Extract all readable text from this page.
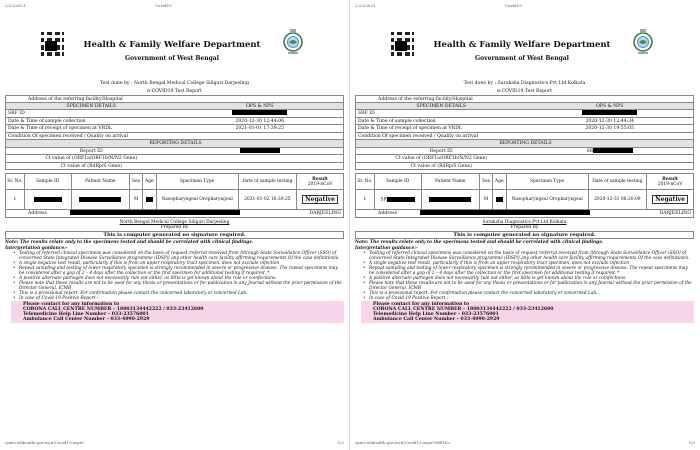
2/22/2021	Covid19
Health & Family Welfare Department
Government of West Bengal
Test done by : North Bengal Medical College Siliguri Darjeeling
n-COVID19 Test Report
Address of the referring facility/Hospital
SPECIMEN DETAILS	OPS & NPS
SRF ID
Date & Time of sample collection	2020-12-30 12:44:06
Date & Time of receipt of specimen at VRDL	2021-01-01 17:39:25
Condition Of specimen received / Quality on arrival
REPORTING DETAILS
Report ID
Ct value of (ORF1a/ORF1b/N/N2 Gene)
Ct value of (RdRp/S Gene)
Sr. No.	Sample ID	Patient Name	Sex	Age	Specimen Type	Date of sample testing	Result
2019-nCoV

1			M		Nasopharyngeal Oropharyngeal	2021-01-02 16:39:25	Negative
Address	DARJEELING
North Bengal Medical College Siliguri Darjeeling
Prepared By
This is computer generated no signature required.
Note: The results relate only to the specimens tested and should be correlated with clinical findings.
Interpretation guidance:-
• Testing of referred clinical specimens was considered on the basis of request /referral received from /through State Surveillance Officer (SSO) of concerned State Integrated Disease Surveillance programme (IDSP)/ any other health care facility affirming requirements Of the case definition/s.
• A single negative test result, particularly if this is from an upper respiratory tract specimen, does not exclude infection
• Repeat sampling and testing of lower respiratory specimen is strongly recommended in severe or progressive disease. The repeat specimens may be considered after a gap of 2 – 4 days after the collection or the first specimen for additional testing if required. *
• A positive alternate pathogen does not necessarily rule out either, as little is yet known about the role or coinfections.
• Please note that these results are not to be used for any thesis or presentations or for publication in any Journal without the prior permission of the Director General, ICMR
• This is a provisional report. For confirmation please contact the concerned laboratory or concerned Lab.
• In case of Covid-19 Positive Report :-
Please contact for any information to
CORONA CALL CENTRE NUMBER – 18003134442222 / 033-23412600
Telemedicine Help Line Number – 033-23576001
Ambulance Call Center Number – 033-4090-2929
cpms.wbhealth.gov.in/#/Covid19.aspx?	1/2
2/22/2021	Covid19
Health & Family Welfare Department
Government of West Bengal
Test done by : Suraksha Diagnostics Pvt Ltd Kolkata
n-COVID19 Test Report
Address of the referring facility/Hospital
SPECIMEN DETAILS	OPS & NPS
SRF ID
Date & Time of sample collection	2020-12-30 12:44:34
Date & Time of receipt of specimen at VRDL	2020-12-30 19:55:05
Condition Of specimen received / Quality on arrival
REPORTING DETAILS
Report ID	SR
Ct value of (ORF1a/ORF1b/N/N2 Gene)
Ct value of (RdRp/S Gene)
Sr. No.	Sample ID	Patient Name	Sex	Age	Specimen Type	Date of sample testing	Result
2019-nCoV

1	SR		M		Nasopharyngeal Oropharyngeal	2020-12-31 08:20:09	Negative
Address	DARJEELING
Suraksha Diagnostics Pvt Ltd Kolkata
Prepared By
This is computer generated no signature required.
Note: The results relate only to the specimens tested and should be correlated with clinical findings.
Interpretation guidance:-
• Testing of referred clinical specimens was considered on the basis of request /referral received from /through State Surveillance Officer (SSO) of concerned State Integrated Disease Surveillance programme (IDSP)/ any other health care facility affirming requirements Of the case definition/s.
• A single negative test result, particularly if this is from an upper respiratory tract specimen, does not exclude infection
• Repeat sampling and testing of lower respiratory specimen is strongly recommended in severe or progressive disease. The repeat specimens may be considered after a gap of 2 – 4 days after the collection or the first specimen for additional testing if required. *
• A positive alternate pathogen does not necessarily rule out either, as little is yet known about the role or coinfections.
• Please note that these results are not to be used for any thesis or presentations or for publication in any Journal without the prior permission of the Director General, ICMR
• This is a provisional report. For confirmation please contact the concerned laboratory or concerned Lab.
• In case of Covid-19 Positive Report :-
Please contact for any information to
CORONA CALL CENTRE NUMBER – 18003134442222 / 033-23412600
Telemedicine Help Line Number – 033-23576001
Ambulance Call Center Number – 033-4090-2929
cpms.wbhealth.gov.in/#/Covid19.aspx?SRFID=	1/2
